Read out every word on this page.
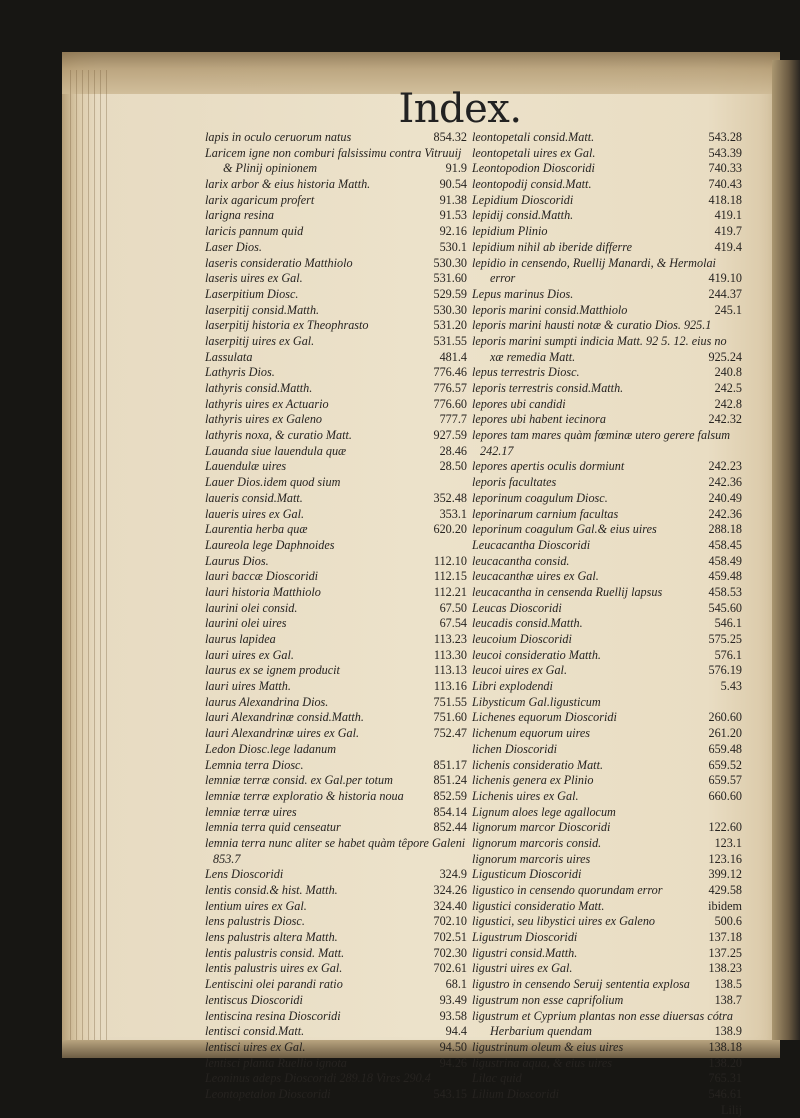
Index.
lapis in oculo ceruorum natus	854.32
Laricem igne non comburi falsissimu contra Vitruuij
& Plinij opinionem	91.9
larix arbor & eius historia Matth.	90.54
larix agaricum profert	91.38
larigna resina	91.53
laricis pannum quid	92.16
Laser Dios.	530.1
laseris consideratio Matthiolo	530.30
laseris uires ex Gal.	531.60
Laserpitium Diosc.	529.59
laserpitij consid.Matth.	530.30
laserpitij historia ex Theophrasto	531.20
laserpitij uires ex Gal.	531.55
Lassulata	481.4
Lathyris Dios.	776.46
lathyris consid.Matth.	776.57
lathyris uires ex Actuario	776.60
lathyris uires ex Galeno	777.7
lathyris noxa, & curatio Matt.	927.59
Lauanda siue lauendula quæ	28.46
Lauendulæ uires	28.50
Lauer Dios.idem quod sium
laueris consid.Matt.	352.48
laueris uires ex Gal.	353.1
Laurentia herba quæ	620.20
Laureola lege Daphnoides
Laurus Dios.	112.10
lauri baccæ Dioscoridi	112.15
lauri historia Matthiolo	112.21
laurini olei consid.	67.50
laurini olei uires	67.54
laurus lapidea	113.23
lauri uires ex Gal.	113.30
laurus ex se ignem producit	113.13
lauri uires Matth.	113.16
laurus Alexandrina Dios.	751.55
lauri Alexandrinæ consid.Matth.	751.60
lauri Alexandrinæ uires ex Gal.	752.47
Ledon Diosc.lege ladanum
Lemnia terra Diosc.	851.17
lemniæ terræ consid. ex Gal.per totum	851.24
lemniæ terræ exploratio & historia noua 852.59
lemniæ terræ uires	854.14
lemnia terra quid censeatur	852.44
lemnia terra nunc aliter se habet quàm têpore Galeni
853.7
Lens Dioscoridi	324.9
lentis consid.& hist. Matth.	324.26
lentium uires ex Gal.	324.40
lens palustris Diosc.	702.10
lens palustris altera Matth.	702.51
lentis palustris consid. Matt.	702.30
lentis palustris uires ex Gal.	702.61
Lentiscini olei parandi ratio	68.1
lentiscus Dioscoridi	93.49
lentiscina resina Dioscoridi	93.58
lentisci consid.Matt.	94.4
lentisci uires ex Gal.	94.50
lentisci planta Ruellio ignota	94.26
Leoninus adeps Dioscoridi 289.18 Vires 290.4
Leontopetalon Dioscoridi	543.15
leontopetali consid.Matt.	543.28
leontopetali uires ex Gal.	543.39
Leontopodion Dioscoridi	740.33
leontopodij consid.Matt.	740.43
Lepidium Dioscoridi	418.18
lepidij consid.Matth.	419.1
lepidium Plinio	419.7
lepidium nihil ab iberide differre	419.4
lepidio in censendo, Ruellij Manardi, & Hermolai
error	419.10
Lepus marinus Dios.	244.37
leporis marini consid.Matthiolo	245.1
leporis marini hausti notæ & curatio Dios. 925.1
leporis marini sumpti indicia Matt. 92 5. 12. eius no
xæ remedia Matt.	925.24
lepus terrestris Diosc.	240.8
leporis terrestris consid.Matth.	242.5
lepores ubi candidi	242.8
lepores ubi habent iecinora	242.32
lepores tam mares quàm fœminæ utero gerere falsum
242.17
lepores apertis oculis dormiunt	242.23
leporis facultates	242.36
leporinum coagulum Diosc.	240.49
leporinarum carnium facultas	242.36
leporinum coagulum Gal.& eius uires	288.18
Leucacantha Dioscoridi	458.45
leucacantha consid.	458.49
leucacanthæ uires ex Gal.	459.48
leucacantha in censenda Ruellij lapsus	458.53
Leucas Dioscoridi	545.60
leucadis consid.Matth.	546.1
leucoium Dioscoridi	575.25
leucoi consideratio Matth.	576.1
leucoi uires ex Gal.	576.19
Libri explodendi	5.43
Libysticum Gal.ligusticum
Lichenes equorum Dioscoridi	260.60
lichenum equorum uires	261.20
lichen Dioscoridi	659.48
lichenis consideratio Matt.	659.52
lichenis genera ex Plinio	659.57
Lichenis uires ex Gal.	660.60
Lignum aloes lege agallocum
lignorum marcor Dioscoridi	122.60
lignorum marcoris consid.	123.1
lignorum marcoris uires	123.16
Ligusticum Dioscoridi	399.12
ligustico in censendo quorundam error	429.58
ligustici consideratio Matt.	ibidem
ligustici, seu libystici uires ex Galeno	500.6
Ligustrum Dioscoridi	137.18
ligustri consid.Matth.	137.25
ligustri uires ex Gal.	138.23
ligustro in censendo Seruij sententia explosa 138.5
ligustrum non esse caprifolium	138.7
ligustrum et Cyprium plantas non esse diuersas cótra
Herbarium quendam	138.9
ligustrinum oleum & eius uires	138.18
ligustrina aqua, & eius uires	138.20
Lilac quid	765.31
Lilium Dioscoridi	546.61
Lilij
